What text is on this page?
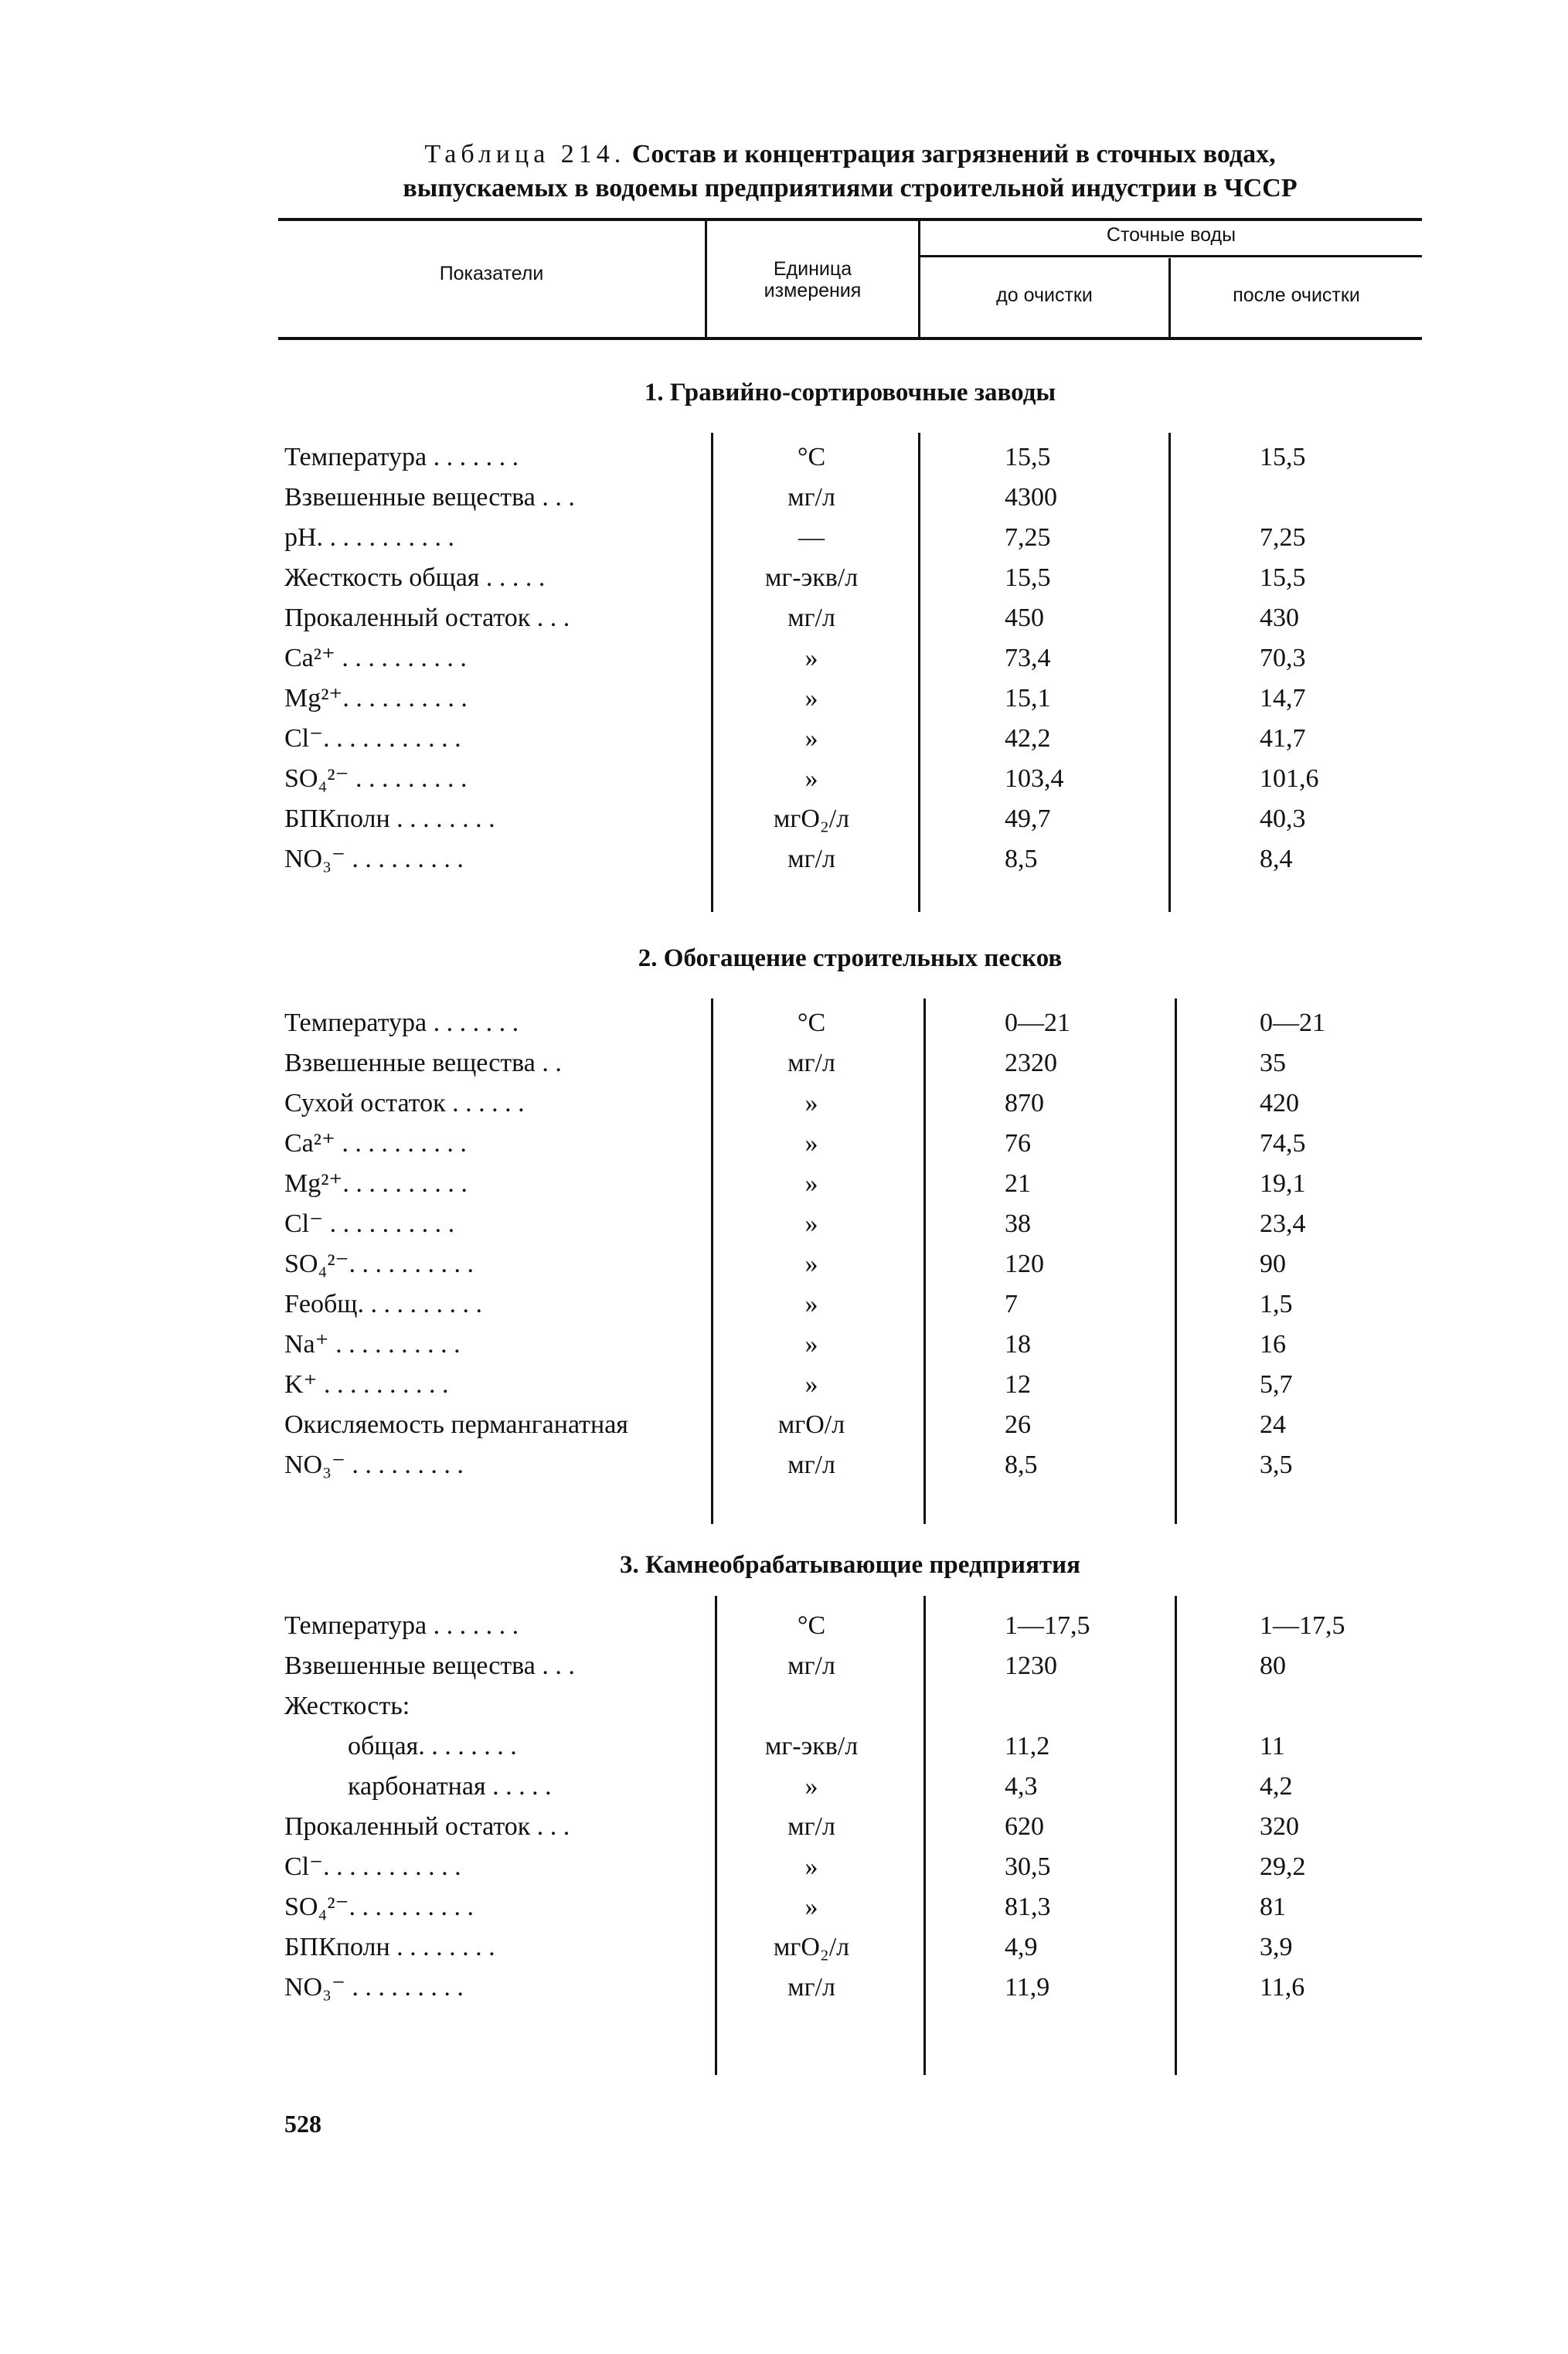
Таблица 214. Состав и концентрация загрязнений в сточных водах,
выпускаемых в водоемы предприятиями строительной индустрии в ЧССР
Показатели	Единица
измерения
Сточные воды
до очистки	после очистки
1. Гравийно-сортировочные заводы
Температура . . . . . . .	°С	15,5	15,5
Взвешенные вещества . . .	мг/л	4300
pH. . . . . . . . . . .	—	7,25	7,25
Жесткость общая . . . . .	мг-экв/л	15,5	15,5
Прокаленный остаток . . .	мг/л	450	430
Ca²⁺ . . . . . . . . . .	»	73,4	70,3
Mg²⁺. . . . . . . . . .	»	15,1	14,7
Cl⁻. . . . . . . . . . .	»	42,2	41,7
SO₄²⁻ . . . . . . . . .	»	103,4	101,6
БПКполн . . . . . . . .	мгO₂/л	49,7	40,3
NO₃⁻ . . . . . . . . .	мг/л	8,5	8,4
2. Обогащение строительных песков
Температура . . . . . . .	°С	0—21	0—21
Взвешенные вещества . .	мг/л	2320	35
Сухой остаток . . . . . .	»	870	420
Ca²⁺ . . . . . . . . . .	»	76	74,5
Mg²⁺. . . . . . . . . .	»	21	19,1
Cl⁻ . . . . . . . . . .	»	38	23,4
SO₄²⁻. . . . . . . . . .	»	120	90
Feобщ. . . . . . . . . .	»	7	1,5
Na⁺ . . . . . . . . . .	»	18	16
K⁺ . . . . . . . . . .	»	12	5,7
Окисляемость перманганатная	мгO/л	26	24
NO₃⁻ . . . . . . . . .	мг/л	8,5	3,5
3. Камнеобрабатывающие предприятия
Температура . . . . . . .	°С	1—17,5	1—17,5
Взвешенные вещества . . .	мг/л	1230	80
Жесткость:
общая. . . . . . . .	мг-экв/л	11,2	11
карбонатная . . . . .	»	4,3	4,2
Прокаленный остаток . . .	мг/л	620	320
Cl⁻. . . . . . . . . . .	»	30,5	29,2
SO₄²⁻. . . . . . . . . .	»	81,3	81
БПКполн . . . . . . . .	мгO₂/л	4,9	3,9
NO₃⁻ . . . . . . . . .	мг/л	11,9	11,6
528
